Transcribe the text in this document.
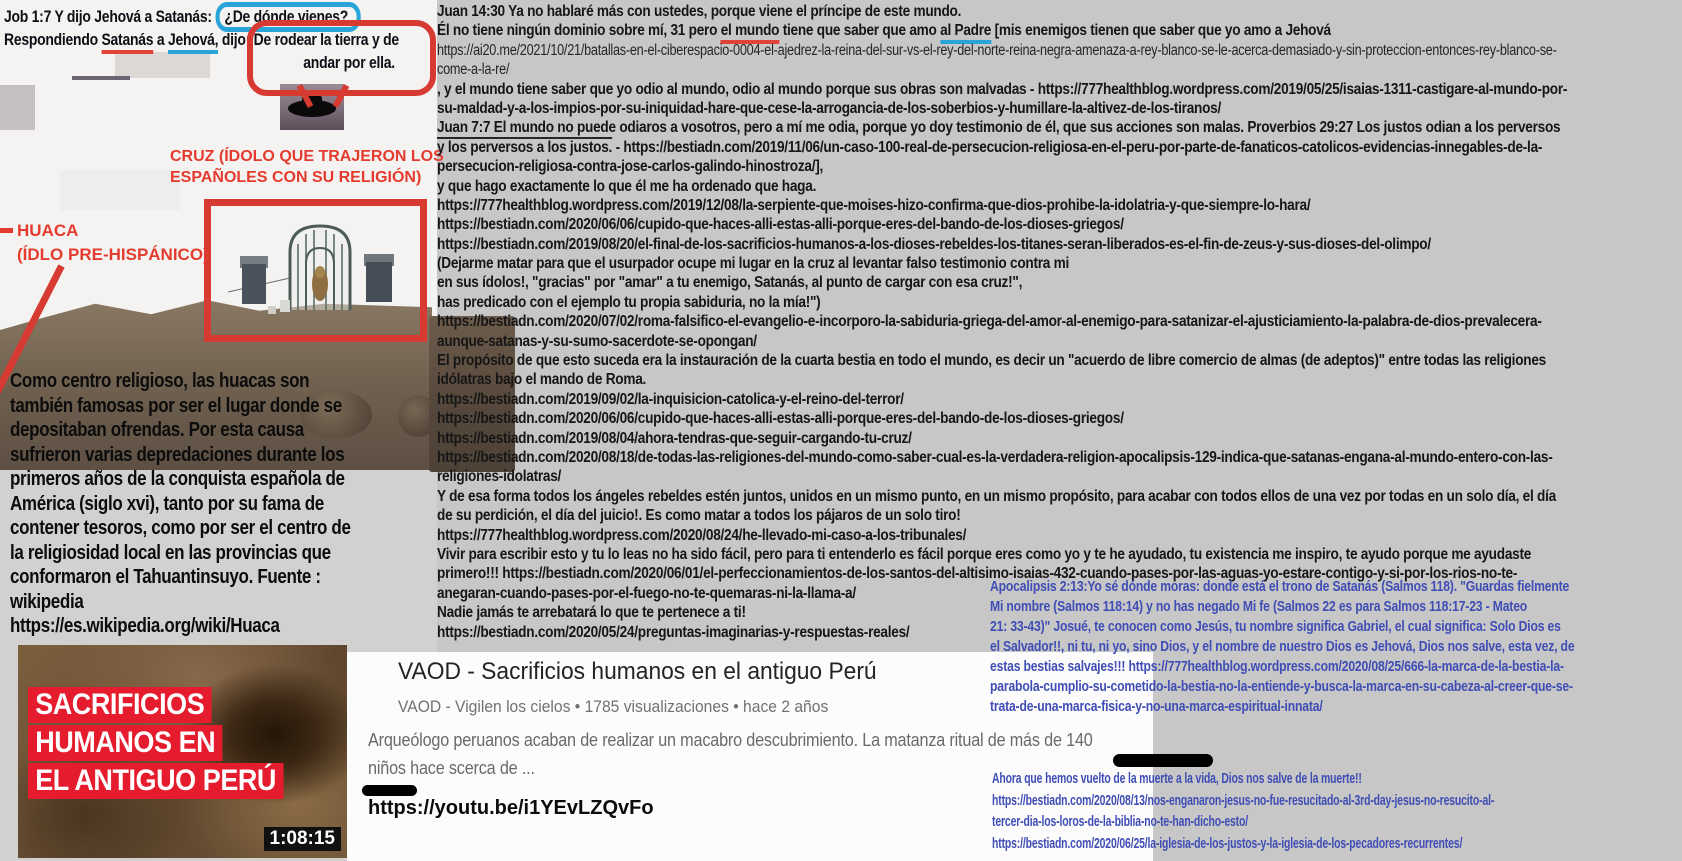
Job 1:7 Y dijo Jehová a Satanás: ¿De dónde vienes?
Respondiendo Satanás a Jehová, dijo: De rodear la tierra y de
andar por ella.
CRUZ (ÍDOLO QUE TRAJERON LOS
ESPAÑOLES CON SU RELIGIÓN)
HUACA
(ÍDLO PRE-HISPÁNICO)
Como centro religioso, las huacas son
también famosas por ser el lugar donde se
depositaban ofrendas. Por esta causa
sufrieron varias depredaciones durante los
primeros años de la conquista española de
América (siglo xvi), tanto por su fama de
contener tesoros, como por ser el centro de
la religiosidad local en las provincias que
conformaron el Tahuantinsuyo. Fuente :
wikipedia
https://es.wikipedia.org/wiki/Huaca
Juan 14:30 Ya no hablaré más con ustedes, porque viene el príncipe de este mundo.
Él no tiene ningún dominio sobre mí, 31 pero el mundo tiene que saber que amo al Padre [mis enemigos tienen que saber que yo amo a Jehová
https://ai20.me/2021/10/21/batallas-en-el-ciberespacio-0004-el-ajedrez-la-reina-del-sur-vs-el-rey-del-norte-reina-negra-amenaza-a-rey-blanco-se-le-acerca-demasiado-y-sin-proteccion-entonces-rey-blanco-se-
come-a-la-re/
, y el mundo tiene saber que yo odio al mundo, odio al mundo porque sus obras son malvadas - https://777healthblog.wordpress.com/2019/05/25/isaias-1311-castigare-al-mundo-por-
su-maldad-y-a-los-impios-por-su-iniquidad-hare-que-cese-la-arrogancia-de-los-soberbios-y-humillare-la-altivez-de-los-tiranos/
Juan 7:7 El mundo no puede odiaros a vosotros, pero a mí me odia, porque yo doy testimonio de él, que sus acciones son malas. Proverbios 29:27 Los justos odian a los perversos
y los perversos a los justos. - https://bestiadn.com/2019/11/06/un-caso-100-real-de-persecucion-religiosa-en-el-peru-por-parte-de-fanaticos-catolicos-evidencias-innegables-de-la-
persecucion-religiosa-contra-jose-carlos-galindo-hinostroza/],
y que hago exactamente lo que él me ha ordenado que haga.
https://777healthblog.wordpress.com/2019/12/08/la-serpiente-que-moises-hizo-confirma-que-dios-prohibe-la-idolatria-y-que-siempre-lo-hara/
https://bestiadn.com/2020/06/06/cupido-que-haces-alli-estas-alli-porque-eres-del-bando-de-los-dioses-griegos/
https://bestiadn.com/2019/08/20/el-final-de-los-sacrificios-humanos-a-los-dioses-rebeldes-los-titanes-seran-liberados-es-el-fin-de-zeus-y-sus-dioses-del-olimpo/
(Dejarme matar para que el usurpador ocupe mi lugar en la cruz al levantar falso testimonio contra mi
en sus ídolos!, "gracias" por "amar" a tu enemigo, Satanás, al punto de cargar con esa cruz!",
has predicado con el ejemplo tu propia sabiduria, no la mía!")
https://bestiadn.com/2020/07/02/roma-falsifico-el-evangelio-e-incorporo-la-sabiduria-griega-del-amor-al-enemigo-para-satanizar-el-ajusticiamiento-la-palabra-de-dios-prevalecera-
aunque-satanas-y-su-sumo-sacerdote-se-opongan/
El propósito de que esto suceda era la instauración de la cuarta bestia en todo el mundo, es decir un "acuerdo de libre comercio de almas (de adeptos)" entre todas las religiones
idólatras bajo el mando de Roma.
https://bestiadn.com/2019/09/02/la-inquisicion-catolica-y-el-reino-del-terror/
https://bestiadn.com/2020/06/06/cupido-que-haces-alli-estas-alli-porque-eres-del-bando-de-los-dioses-griegos/
https://bestiadn.com/2019/08/04/ahora-tendras-que-seguir-cargando-tu-cruz/
https://bestiadn.com/2020/08/18/de-todas-las-religiones-del-mundo-como-saber-cual-es-la-verdadera-religion-apocalipsis-129-indica-que-satanas-engana-al-mundo-entero-con-las-
religiones-idolatras/
Y de esa forma todos los ángeles rebeldes estén juntos, unidos en un mismo punto, en un mismo propósito, para acabar con todos ellos de una vez por todas en un solo día, el día
de su perdición, el día del juicio!. Es como matar a todos los pájaros de un solo tiro!
https://777healthblog.wordpress.com/2020/08/24/he-llevado-mi-caso-a-los-tribunales/
Vivir para escribir esto y tu lo leas no ha sido fácil, pero para ti entenderlo es fácil porque eres como yo y te he ayudado, tu existencia me inspiro, te ayudo porque me ayudaste
primero!!! https://bestiadn.com/2020/06/01/el-perfeccionamientos-de-los-santos-del-altisimo-isaias-432-cuando-pases-por-las-aguas-yo-estare-contigo-y-si-por-los-rios-no-te-
anegaran-cuando-pases-por-el-fuego-no-te-quemaras-ni-la-llama-a/
Nadie jamás te arrebatará lo que te pertenece a ti!
https://bestiadn.com/2020/05/24/preguntas-imaginarias-y-respuestas-reales/
Apocalipsis 2:13:Yo sé dónde moras: donde está el trono de Satanás (Salmos 118). "Guardas fielmente
Mi nombre (Salmos 118:14) y no has negado Mi fe (Salmos 22 es para Salmos 118:17-23 - Mateo
21: 33-43)" Josué, te conocen como Jesús, tu nombre significa Gabriel, el cual significa: Solo Dios es
el Salvador!!, ni tu, ni yo, sino Dios, y el nombre de nuestro Dios es Jehová, Dios nos salve, esta vez, de
estas bestias salvajes!!! https://777healthblog.wordpress.com/2020/08/25/666-la-marca-de-la-bestia-la-
parabola-cumplio-su-cometido-la-bestia-no-la-entiende-y-busca-la-marca-en-su-cabeza-al-creer-que-se-
trata-de-una-marca-fisica-y-no-una-marca-espiritual-innata/
SACRIFICIOS
HUMANOS EN
EL ANTIGUO PERÚ
1:08:15
VAOD - Sacrificios humanos en el antiguo Perú
VAOD - Vigilen los cielos • 1785 visualizaciones • hace 2 años
Arqueólogo peruanos acaban de realizar un macabro descubrimiento. La matanza ritual de más de 140
niños hace scerca de ...
https://youtu.be/i1YEvLZQvFo
Ahora que hemos vuelto de la muerte a la vida, Dios nos salve de la muerte!!
https://bestiadn.com/2020/08/13/nos-enganaron-jesus-no-fue-resucitado-al-3rd-day-jesus-no-resucito-al-
tercer-dia-los-loros-de-la-biblia-no-te-han-dicho-esto/
https://bestiadn.com/2020/06/25/la-iglesia-de-los-justos-y-la-iglesia-de-los-pecadores-recurrentes/
